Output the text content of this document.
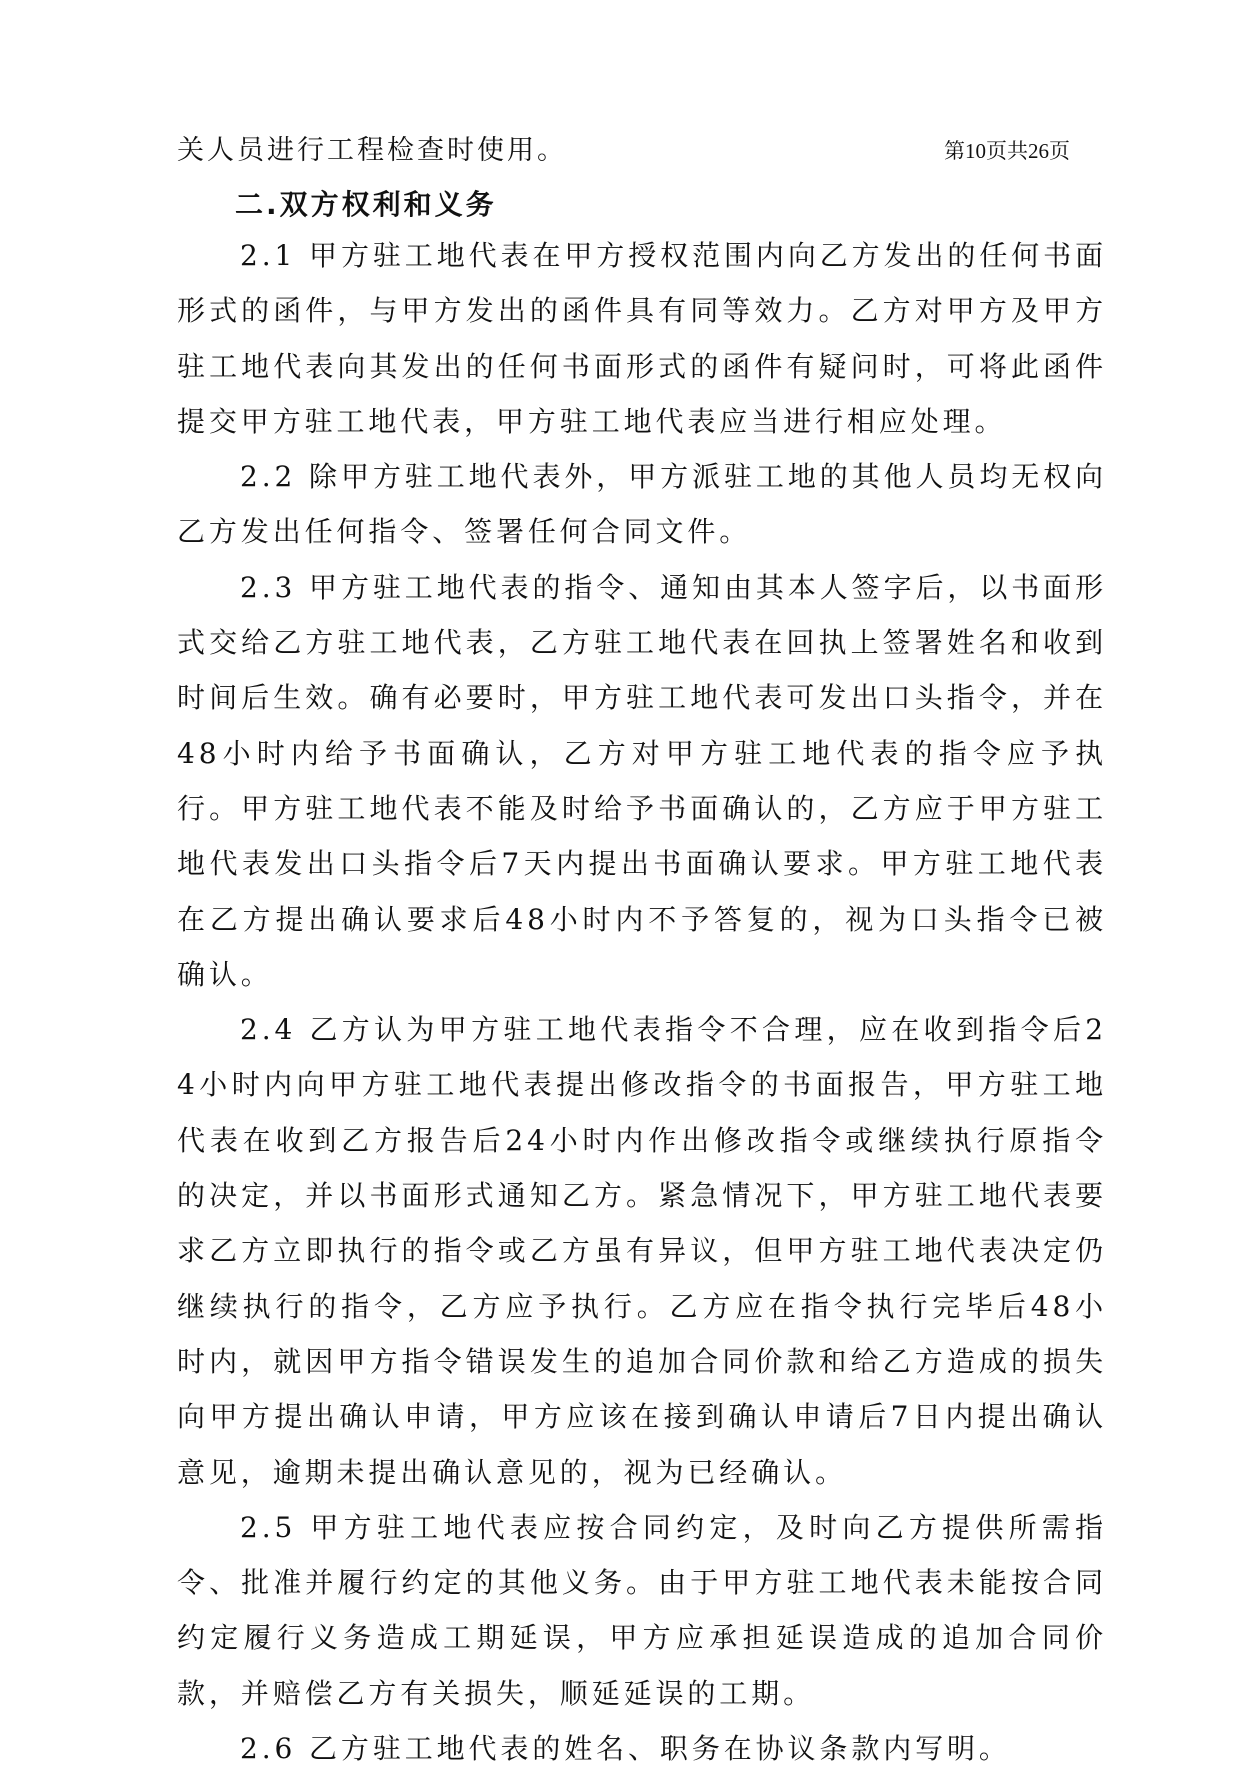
关人员进行工程检查时使用。	第10页共26页
二.双方权利和义务

2.1 甲方驻工地代表在甲方授权范围内向乙方发出的任何书面形式的函件，与甲方发出的函件具有同等效力。乙方对甲方及甲方驻工地代表向其发出的任何书面形式的函件有疑问时，可将此函件提交甲方驻工地代表，甲方驻工地代表应当进行相应处理。

2.2 除甲方驻工地代表外，甲方派驻工地的其他人员均无权向乙方发出任何指令、签署任何合同文件。

2.3 甲方驻工地代表的指令、通知由其本人签字后，以书面形式交给乙方驻工地代表，乙方驻工地代表在回执上签署姓名和收到时间后生效。确有必要时，甲方驻工地代表可发出口头指令，并在48小时内给予书面确认，乙方对甲方驻工地代表的指令应予执行。甲方驻工地代表不能及时给予书面确认的，乙方应于甲方驻工地代表发出口头指令后7天内提出书面确认要求。甲方驻工地代表在乙方提出确认要求后48小时内不予答复的，视为口头指令已被确认。

2.4 乙方认为甲方驻工地代表指令不合理，应在收到指令后24小时内向甲方驻工地代表提出修改指令的书面报告，甲方驻工地代表在收到乙方报告后24小时内作出修改指令或继续执行原指令的决定，并以书面形式通知乙方。紧急情况下，甲方驻工地代表要求乙方立即执行的指令或乙方虽有异议，但甲方驻工地代表决定仍继续执行的指令，乙方应予执行。乙方应在指令执行完毕后48小时内，就因甲方指令错误发生的追加合同价款和给乙方造成的损失向甲方提出确认申请，甲方应该在接到确认申请后7日内提出确认意见，逾期未提出确认意见的，视为已经确认。

2.5 甲方驻工地代表应按合同约定，及时向乙方提供所需指令、批准并履行约定的其他义务。由于甲方驻工地代表未能按合同约定履行义务造成工期延误，甲方应承担延误造成的追加合同价款，并赔偿乙方有关损失，顺延延误的工期。

2.6 乙方驻工地代表的姓名、职务在协议条款内写明。
